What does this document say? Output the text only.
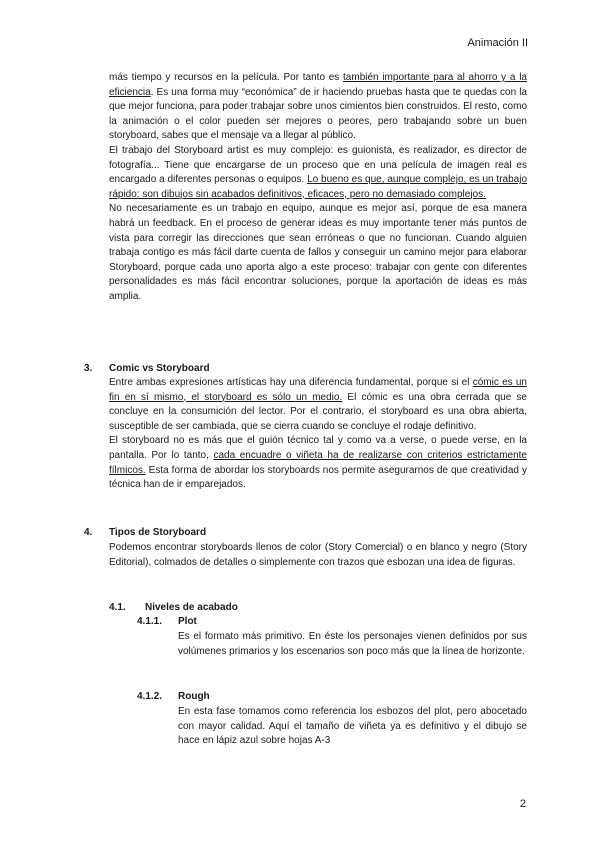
Animación II

más tiempo y recursos en la película. Por tanto es también importante para al ahorro y a la eficiencia. Es una forma muy “económica” de ir haciendo pruebas hasta que te quedas con la que mejor funciona, para poder trabajar sobre unos cimientos bien construidos. El resto, como la animación o el color pueden ser mejores o peores, pero trabajando sobre un buen storyboard, sabes que el mensaje va a llegar al público.

El trabajo del Storyboard artist es muy complejo: es guionista, es realizador, es director de fotografía... Tiene que encargarse de un proceso que en una película de imagen real es encargado a diferentes personas o equipos. Lo bueno es que, aunque complejo, es un trabajo rápido: son dibujos sin acabados definitivos, eficaces, pero no demasiado complejos.

No necesariamente es un trabajo en equipo, aunque es mejor así, porque de esa manera habrá un feedback. En el proceso de generar ideas es muy importante tener más puntos de vista para corregir las direcciones que sean erróneas o que no funcionan. Cuando alguien trabaja contigo es más fácil darte cuenta de fallos y conseguir un camino mejor para elaborar Storyboard, porque cada uno aporta algo a este proceso: trabajar con gente con diferentes personalidades es más fácil encontrar soluciones, porque la aportación de ideas es más amplia.

3. Comic vs Storyboard

Entre ambas expresiones artísticas hay una diferencia fundamental, porque si el cómic es un fin en sí mismo, el storyboard es sólo un medio. El cómic es una obra cerrada que se concluye en la consumición del lector. Por el contrario, el storyboard es una obra abierta, susceptible de ser cambiada, que se cierra cuando se concluye el rodaje definitivo.

El storyboard no es más que el guión técnico tal y como va a verse, o puede verse, en la pantalla. Por lo tanto, cada encuadre o viñeta ha de realizarse con criterios estrictamente fílmicos. Esta forma de abordar los storyboards nos permite asegurarnos de que creatividad y técnica han de ir emparejados.

4. Tipos de Storyboard

Podemos encontrar storyboards llenos de color (Story Comercial) o en blanco y negro (Story Editorial), colmados de detalles o simplemente con trazos que esbozan una idea de figuras.

4.1. Niveles de acabado
4.1.1. Plot

Es el formato más primitivo. En éste los personajes vienen definidos por sus volúmenes primarios y los escenarios son poco más que la línea de horizonte.

4.1.2. Rough

En esta fase tomamos como referencia los esbozos del plot, pero abocetado con mayor calidad. Aquí el tamaño de viñeta ya es definitivo y el dibujo se hace en lápiz azul sobre hojas A-3

2
